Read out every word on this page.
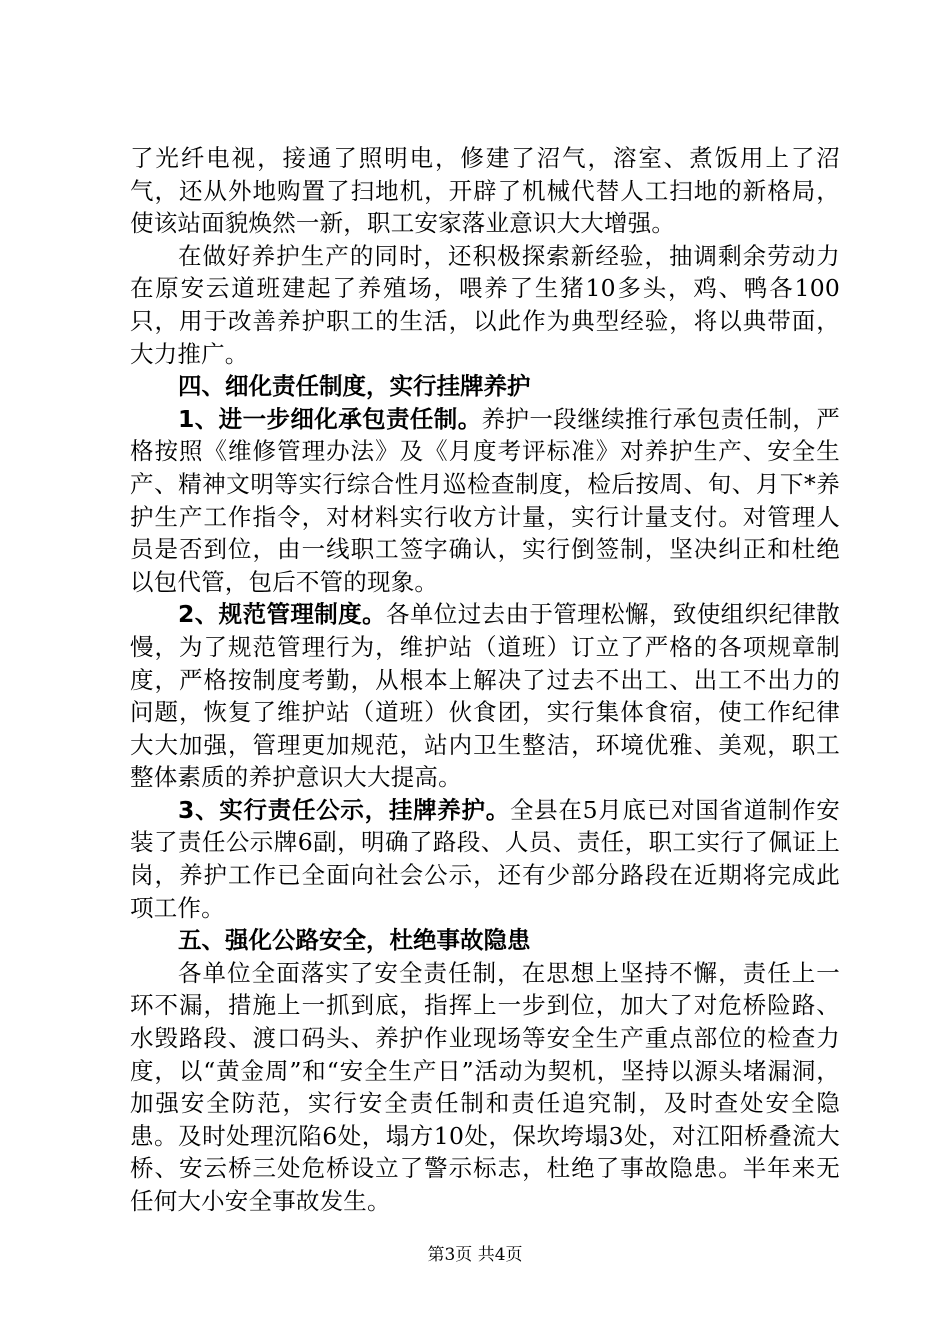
了光纤电视，接通了照明电，修建了沼气，溶室、煮饭用上了沼气，还从外地购置了扫地机，开辟了机械代替人工扫地的新格局，使该站面貌焕然一新，职工安家落业意识大大增强。

在做好养护生产的同时，还积极探索新经验，抽调剩余劳动力在原安云道班建起了养殖场，喂养了生猪10多头，鸡、鸭各100只，用于改善养护职工的生活，以此作为典型经验，将以典带面，大力推广。

四、细化责任制度，实行挂牌养护

1、进一步细化承包责任制。养护一段继续推行承包责任制，严格按照《维修管理办法》及《月度考评标准》对养护生产、安全生产、精神文明等实行综合性月巡检查制度，检后按周、旬、月下*养护生产工作指令，对材料实行收方计量，实行计量支付。对管理人员是否到位，由一线职工签字确认，实行倒签制，坚决纠正和杜绝以包代管，包后不管的现象。

2、规范管理制度。各单位过去由于管理松懈，致使组织纪律散慢，为了规范管理行为，维护站（道班）订立了严格的各项规章制度，严格按制度考勤，从根本上解决了过去不出工、出工不出力的问题，恢复了维护站（道班）伙食团，实行集体食宿，使工作纪律大大加强，管理更加规范，站内卫生整洁，环境优雅、美观，职工整体素质的养护意识大大提高。

3、实行责任公示，挂牌养护。全县在5月底已对国省道制作安装了责任公示牌6副，明确了路段、人员、责任，职工实行了佩证上岗，养护工作已全面向社会公示，还有少部分路段在近期将完成此项工作。

五、强化公路安全，杜绝事故隐患

各单位全面落实了安全责任制，在思想上坚持不懈，责任上一环不漏，措施上一抓到底，指挥上一步到位，加大了对危桥险路、水毁路段、渡口码头、养护作业现场等安全生产重点部位的检查力度，以“黄金周”和“安全生产日”活动为契机，坚持以源头堵漏洞，加强安全防范，实行安全责任制和责任追究制，及时查处安全隐患。及时处理沉陷6处，塌方10处，保坎垮塌3处，对江阳桥叠流大桥、安云桥三处危桥设立了警示标志，杜绝了事故隐患。半年来无任何大小安全事故发生。

第3页 共4页
